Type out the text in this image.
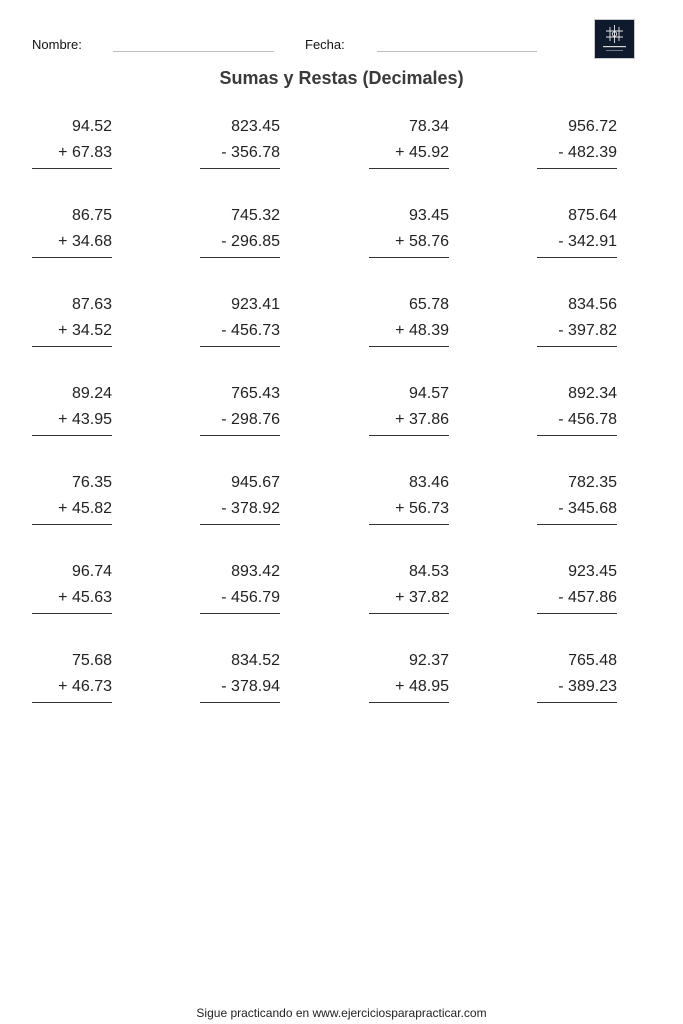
Nombre:	Fecha:
Sumas y Restas (Decimales)
94.52
+ 67.83
823.45
- 356.78
78.34
+ 45.92
956.72
- 482.39
86.75
+ 34.68
745.32
- 296.85
93.45
+ 58.76
875.64
- 342.91
87.63
+ 34.52
923.41
- 456.73
65.78
+ 48.39
834.56
- 397.82
89.24
+ 43.95
765.43
- 298.76
94.57
+ 37.86
892.34
- 456.78
76.35
+ 45.82
945.67
- 378.92
83.46
+ 56.73
782.35
- 345.68
96.74
+ 45.63
893.42
- 456.79
84.53
+ 37.82
923.45
- 457.86
75.68
+ 46.73
834.52
- 378.94
92.37
+ 48.95
765.48
- 389.23
Sigue practicando en www.ejerciciosparapracticar.com
